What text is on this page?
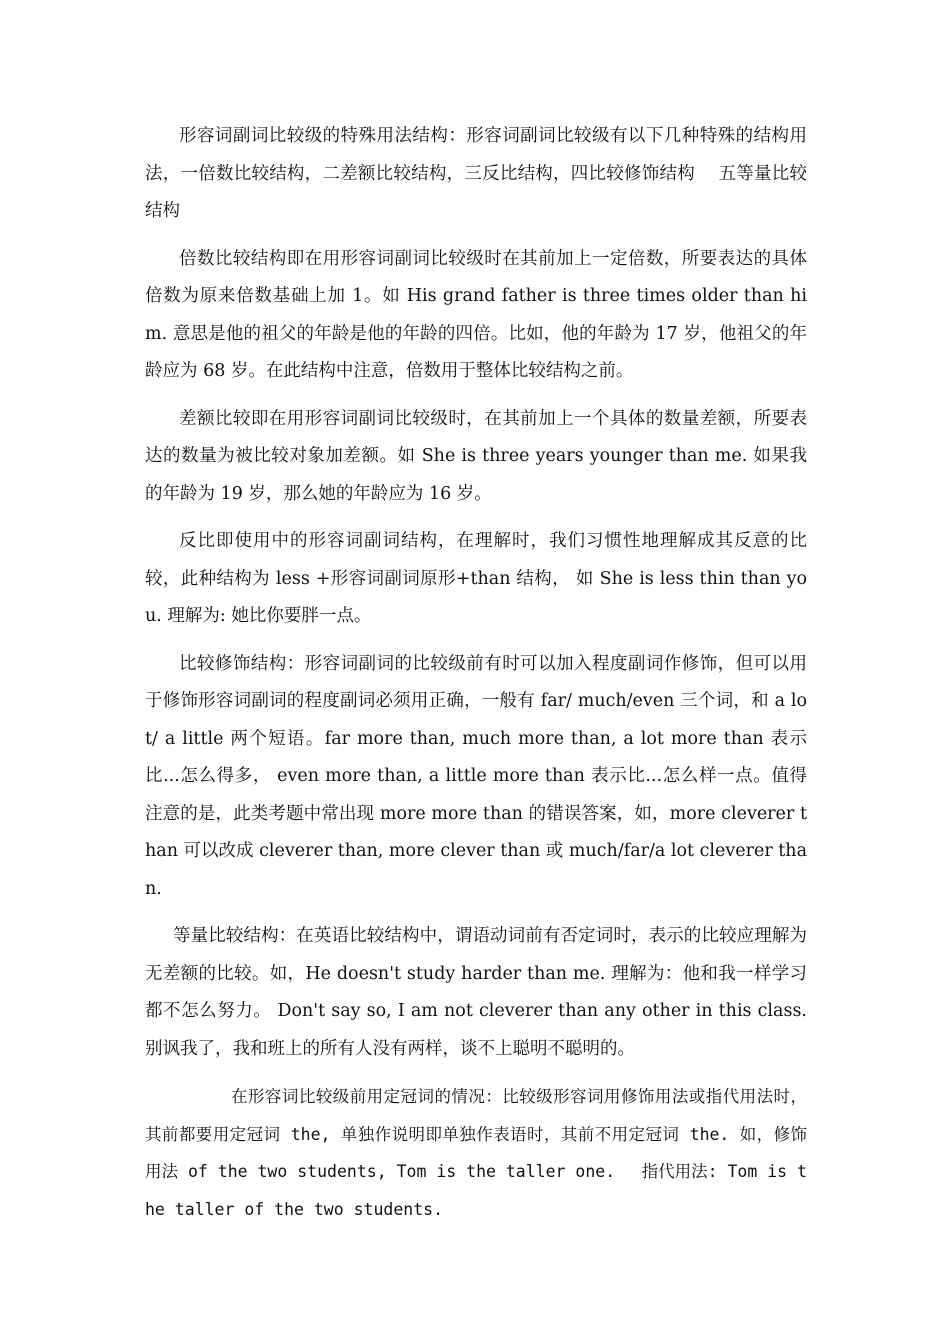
形容词副词比较级的特殊用法结构：形容词副词比较级有以下几种特殊的结构用法，一倍数比较结构，二差额比较结构，三反比结构，四比较修饰结构　 五等量比较结构

倍数比较结构即在用形容词副词比较级时在其前加上一定倍数，所要表达的具体倍数为原来倍数基础上加 1。如 His grand father is three times older than him. 意思是他的祖父的年龄是他的年龄的四倍。比如，他的年龄为 17 岁，他祖父的年龄应为 68 岁。在此结构中注意，倍数用于整体比较结构之前。

差额比较即在用形容词副词比较级时，在其前加上一个具体的数量差额，所要表达的数量为被比较对象加差额。如 She is three years younger than me. 如果我的年龄为 19 岁，那么她的年龄应为 16 岁。

反比即使用中的形容词副词结构，在理解时，我们习惯性地理解成其反意的比较，此种结构为 less +形容词副词原形+than 结构， 如 She is less thin than you. 理解为: 她比你要胖一点。

比较修饰结构：形容词副词的比较级前有时可以加入程度副词作修饰，但可以用于修饰形容词副词的程度副词必须用正确，一般有 far/ much/even 三个词，和 a lot/ a little 两个短语。far more than, much more than, a lot more than 表示比...怎么得多， even more than, a little more than 表示比...怎么样一点。值得注意的是，此类考题中常出现 more more than 的错误答案，如，more cleverer than 可以改成 cleverer than, more clever than 或 much/far/a lot cleverer than.

等量比较结构：在英语比较结构中，谓语动词前有否定词时，表示的比较应理解为无差额的比较。如，He doesn't study harder than me. 理解为：他和我一样学习都不怎么努力。 Don't say so, I am not cleverer than any other in this class. 别讽我了，我和班上的所有人没有两样，谈不上聪明不聪明的。

在形容词比较级前用定冠词的情况：比较级形容词用修饰用法或指代用法时，其前都要用定冠词 the, 单独作说明即单独作表语时，其前不用定冠词 the. 如，修饰用法 of the two students, Tom is the taller one.　 指代用法: Tom is the taller of the two students.
